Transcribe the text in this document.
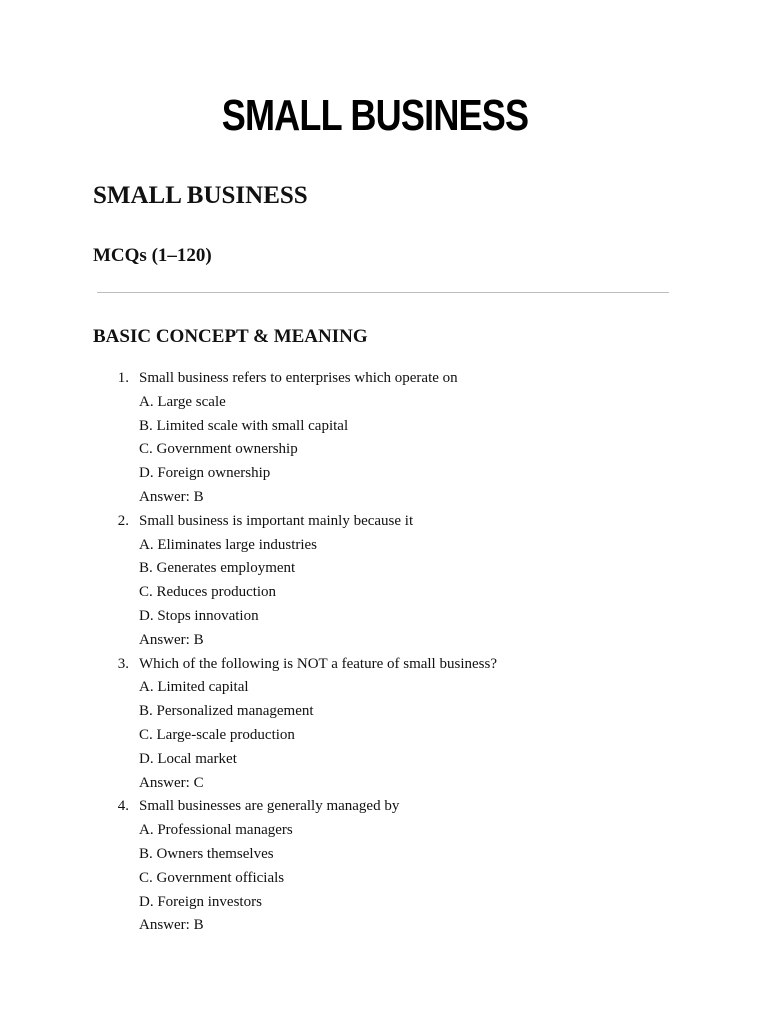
SMALL BUSINESS
SMALL BUSINESS
MCQs (1–120)
BASIC CONCEPT & MEANING
1. Small business refers to enterprises which operate on
A. Large scale
B. Limited scale with small capital
C. Government ownership
D. Foreign ownership
Answer: B
2. Small business is important mainly because it
A. Eliminates large industries
B. Generates employment
C. Reduces production
D. Stops innovation
Answer: B
3. Which of the following is NOT a feature of small business?
A. Limited capital
B. Personalized management
C. Large-scale production
D. Local market
Answer: C
4. Small businesses are generally managed by
A. Professional managers
B. Owners themselves
C. Government officials
D. Foreign investors
Answer: B
